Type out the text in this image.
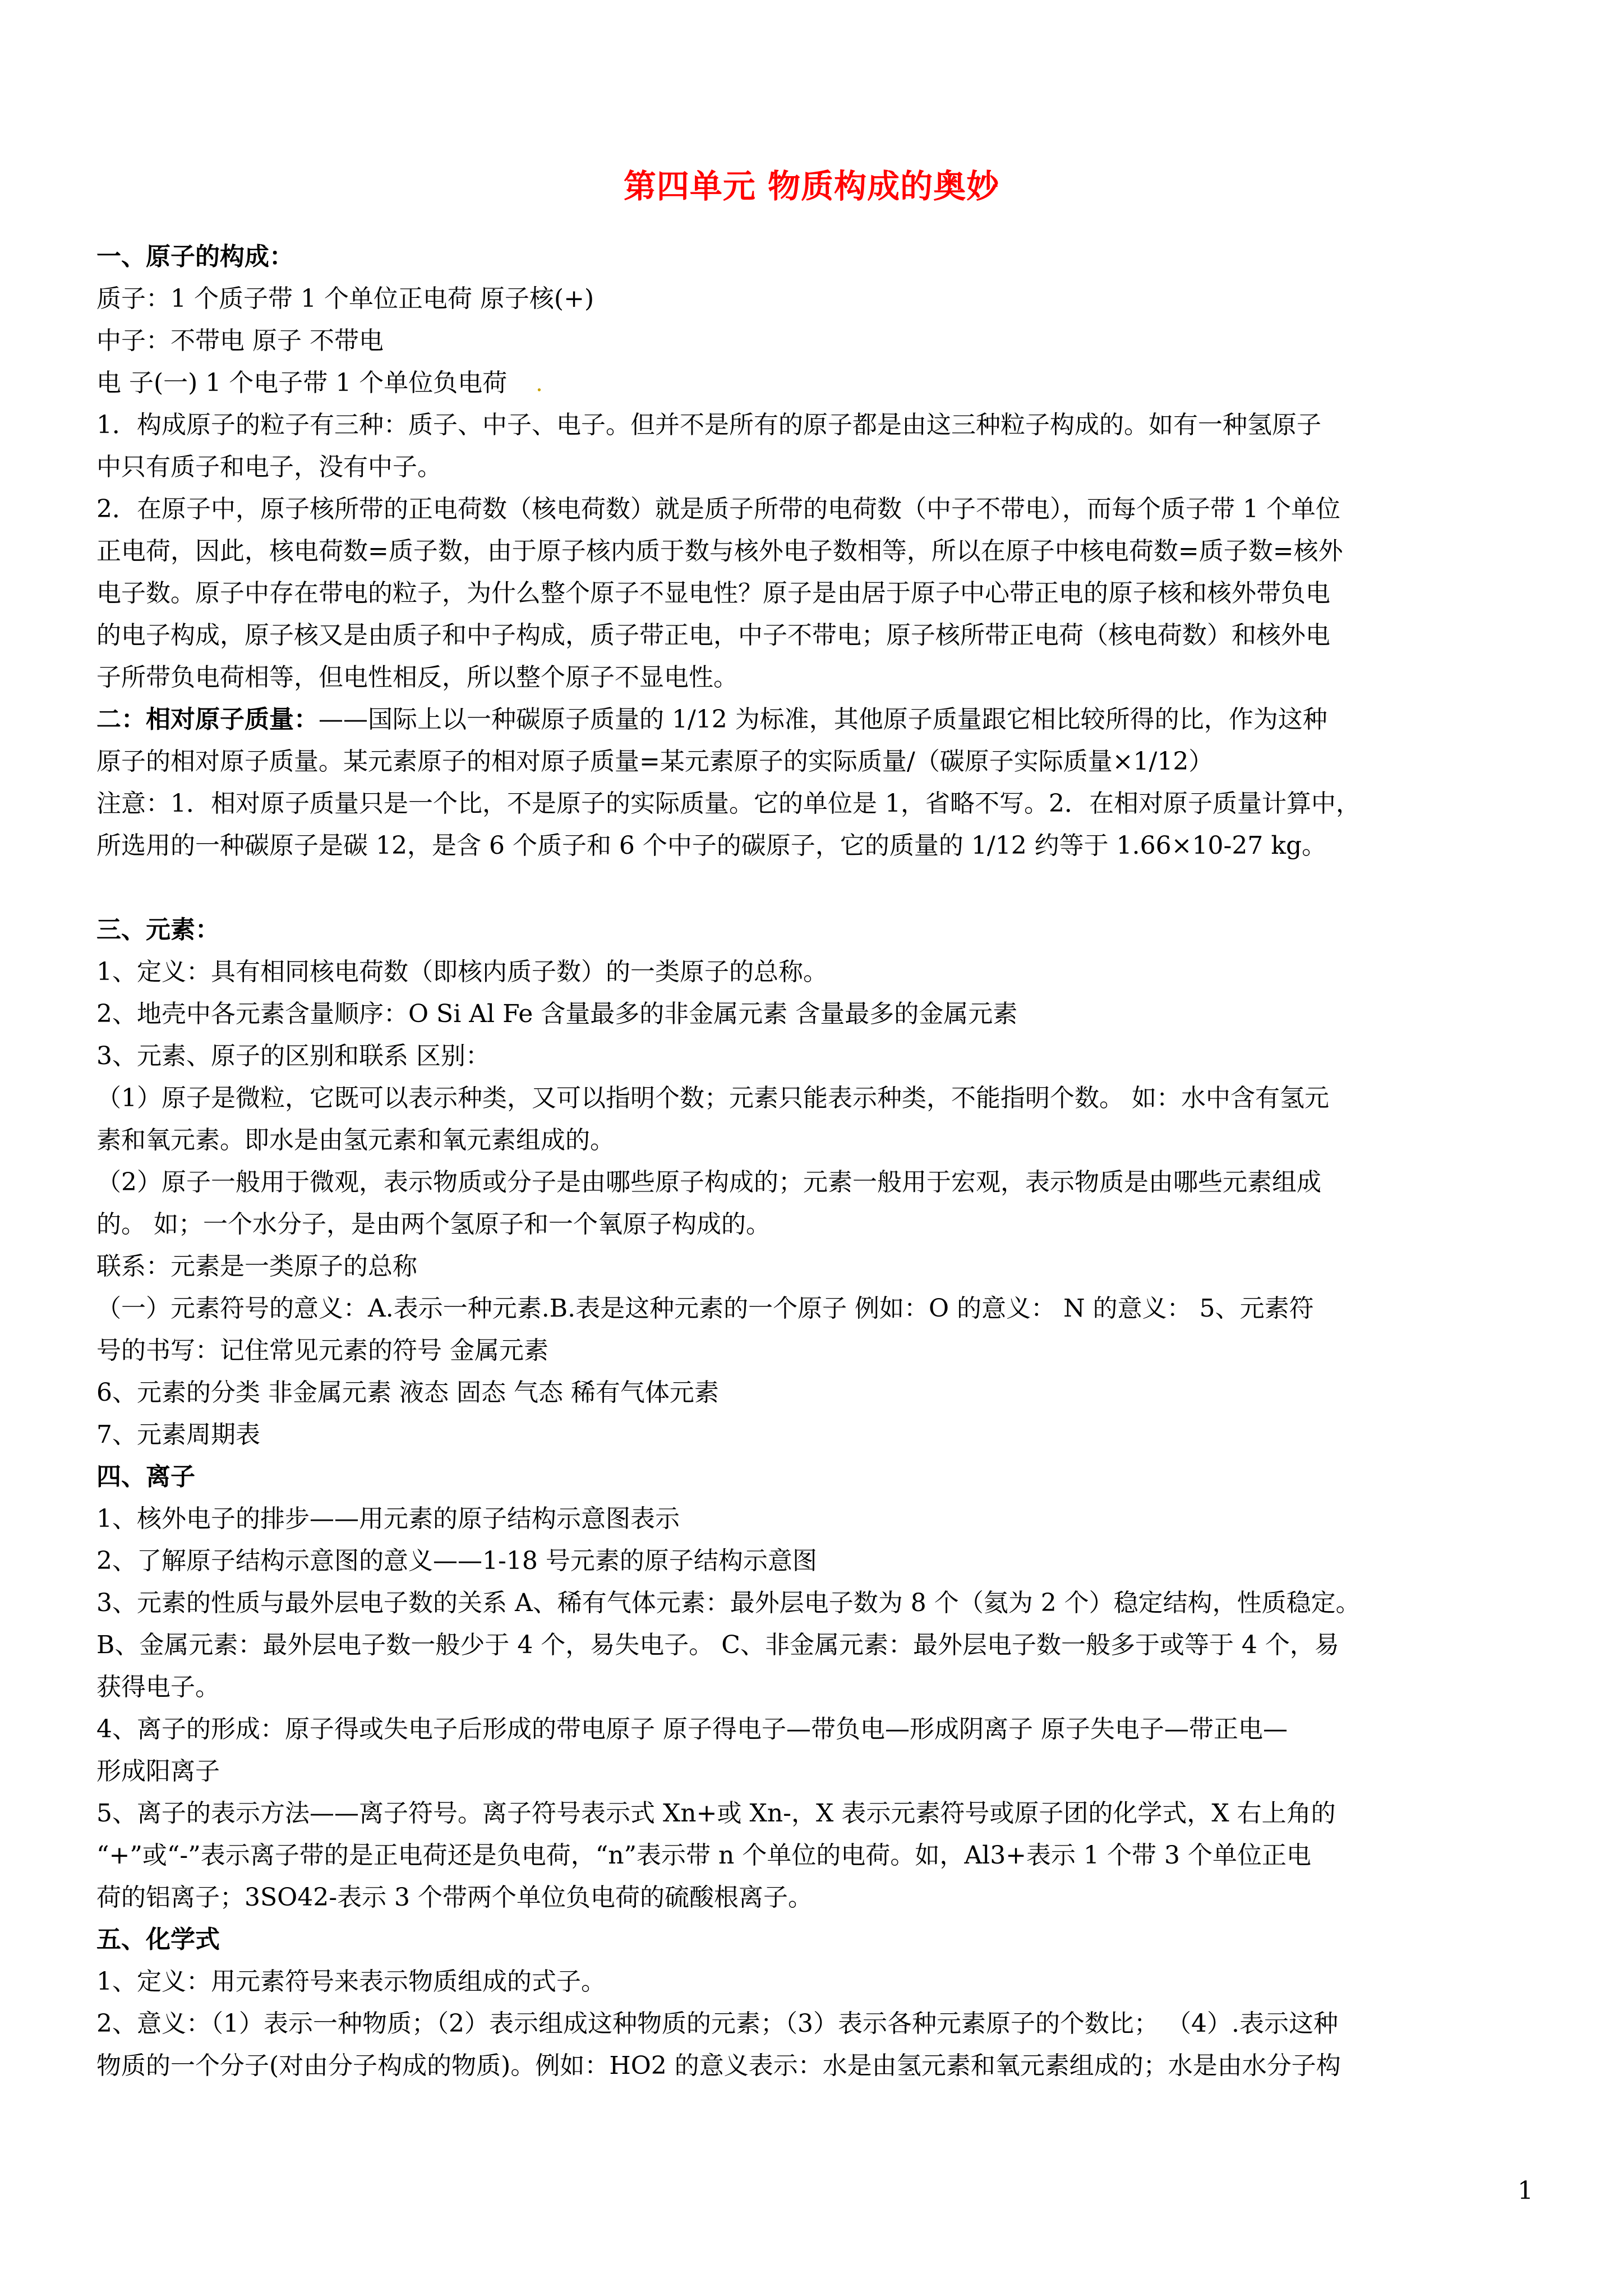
第四单元 物质构成的奥妙
一、原子的构成：
质子：1 个质子带 1 个单位正电荷 原子核(+)
中子：不带电 原子 不带电
电 子(一) 1 个电子带 1 个单位负电荷    .
1．构成原子的粒子有三种：质子、中子、电子。但并不是所有的原子都是由这三种粒子构成的。如有一种氢原子
中只有质子和电子，没有中子。
2．在原子中，原子核所带的正电荷数（核电荷数）就是质子所带的电荷数（中子不带电），而每个质子带 1 个单位
正电荷，因此，核电荷数=质子数，由于原子核内质于数与核外电子数相等，所以在原子中核电荷数=质子数=核外
电子数。原子中存在带电的粒子，为什么整个原子不显电性？原子是由居于原子中心带正电的原子核和核外带负电
的电子构成，原子核又是由质子和中子构成，质子带正电，中子不带电；原子核所带正电荷（核电荷数）和核外电
子所带负电荷相等，但电性相反，所以整个原子不显电性。
二：相对原子质量：——国际上以一种碳原子质量的 1/12 为标准，其他原子质量跟它相比较所得的比，作为这种
原子的相对原子质量。某元素原子的相对原子质量=某元素原子的实际质量/（碳原子实际质量×1/12）
注意：1．相对原子质量只是一个比，不是原子的实际质量。它的单位是 1，省略不写。2．在相对原子质量计算中，
所选用的一种碳原子是碳 12，是含 6 个质子和 6 个中子的碳原子，它的质量的 1/12 约等于 1.66×10-27 kg。
三、元素：
1、定义：具有相同核电荷数（即核内质子数）的一类原子的总称。
2、地壳中各元素含量顺序：O Si Al Fe 含量最多的非金属元素 含量最多的金属元素
3、元素、原子的区别和联系 区别：
（1）原子是微粒，它既可以表示种类，又可以指明个数；元素只能表示种类，不能指明个数。 如：水中含有氢元
素和氧元素。即水是由氢元素和氧元素组成的。
（2）原子一般用于微观，表示物质或分子是由哪些原子构成的；元素一般用于宏观，表示物质是由哪些元素组成
的。 如；一个水分子，是由两个氢原子和一个氧原子构成的。
联系：元素是一类原子的总称
（一）元素符号的意义：A.表示一种元素.B.表是这种元素的一个原子 例如：O 的意义： N 的意义： 5、元素符
号的书写：记住常见元素的符号 金属元素
6、元素的分类 非金属元素 液态 固态 气态 稀有气体元素
7、元素周期表
四、离子
1、核外电子的排步——用元素的原子结构示意图表示
2、了解原子结构示意图的意义——1-18 号元素的原子结构示意图
3、元素的性质与最外层电子数的关系 A、稀有气体元素：最外层电子数为 8 个（氦为 2 个）稳定结构，性质稳定。
B、金属元素：最外层电子数一般少于 4 个，易失电子。 C、非金属元素：最外层电子数一般多于或等于 4 个，易
获得电子。
4、离子的形成：原子得或失电子后形成的带电原子 原子得电子—带负电—形成阴离子 原子失电子—带正电—
形成阳离子
5、离子的表示方法——离子符号。离子符号表示式 Xn+或 Xn-，X 表示元素符号或原子团的化学式，X 右上角的
“+”或“-”表示离子带的是正电荷还是负电荷，“n”表示带 n 个单位的电荷。如，Al3+表示 1 个带 3 个单位正电
荷的铝离子；3SO42-表示 3 个带两个单位负电荷的硫酸根离子。
五、化学式
1、定义：用元素符号来表示物质组成的式子。
2、意义：（1）表示一种物质；（2）表示组成这种物质的元素；（3）表示各种元素原子的个数比； （4）.表示这种
物质的一个分子(对由分子构成的物质)。例如：HO2 的意义表示：水是由氢元素和氧元素组成的；水是由水分子构
1
